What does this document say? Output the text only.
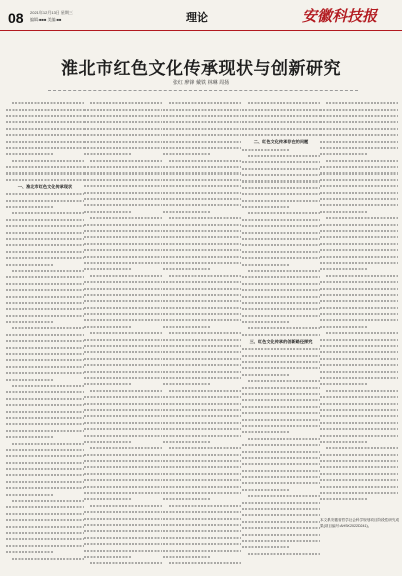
08 2021年12月13日 星期三
编辑:■■■ 美编:■■	理论	安徽科技报
淮北市红色文化传承现状与创新研究
张红 廖锋 戴铁 林琳 周扬
一、淮北市红色文化传承现状
二、红色文化传承存在的问题
三、红色文化传承的创新路径探究
本文系安徽省哲学社会科学规划项目阶段性研究成果(项目编号:AHSK2022D241)。
